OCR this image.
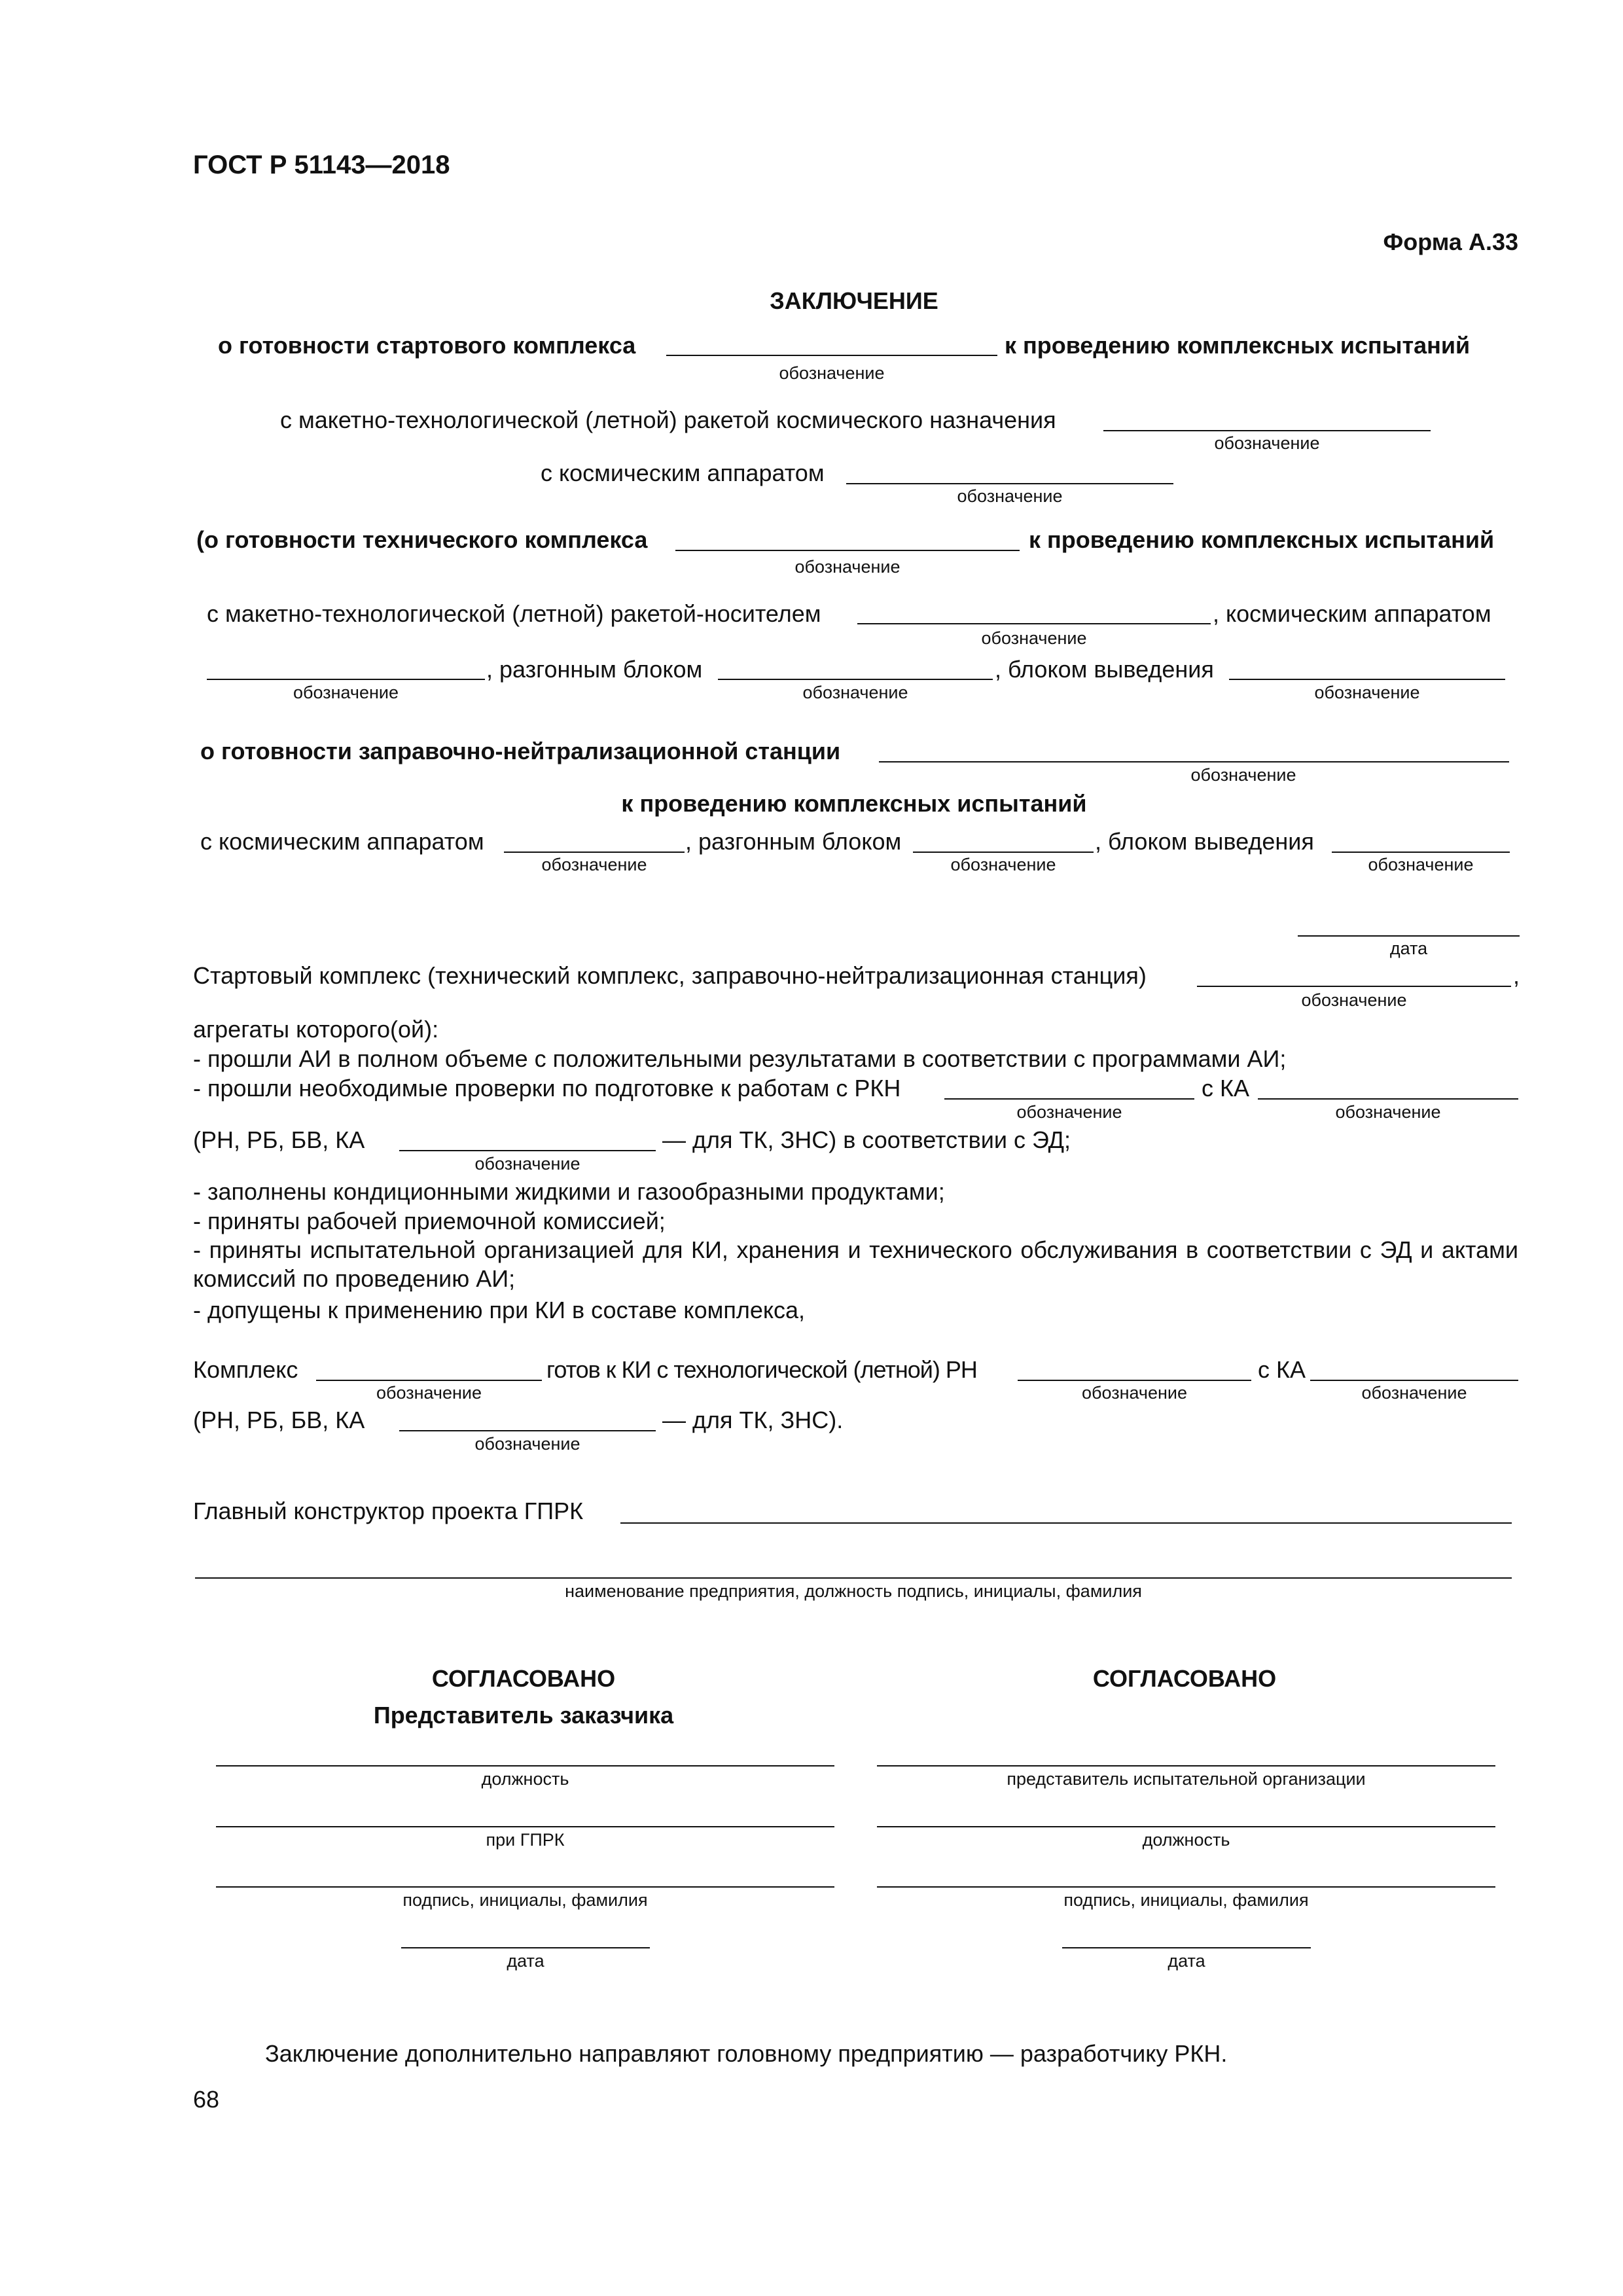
ГОСТ Р 51143—2018
Форма А.33
ЗАКЛЮЧЕНИЕ
о готовности стартового комплекса	к проведению комплексных испытаний
обозначение
с макетно-технологической (летной) ракетой космического назначения
обозначение
с космическим аппаратом
обозначение
(о готовности технического комплекса	к проведению комплексных испытаний
обозначение
с макетно-технологической (летной) ракетой-носителем	, космическим аппаратом
обозначение
, разгонным блоком	, блоком выведения
обозначение	обозначение	обозначение
о готовности заправочно-нейтрализационной станции
обозначение
к проведению комплексных испытаний
с космическим аппаратом	, разгонным блоком	, блоком выведения
обозначение	обозначение	обозначение
дата
Стартовый комплекс (технический комплекс, заправочно-нейтрализационная станция)	,
обозначение
агрегаты которого(ой):
- прошли АИ в полном объеме с положительными результатами в соответствии с программами АИ;
- прошли необходимые проверки по подготовке к работам с РКН	с КА
обозначение	обозначение
(РН, РБ, БВ, КА	— для ТК, ЗНС) в соответствии с ЭД;
обозначение
- заполнены кондиционными жидкими и газообразными продуктами;
- приняты рабочей приемочной комиссией;
- приняты испытательной организацией для КИ, хранения и технического обслуживания в соответствии с ЭД и актами комиссий по проведению АИ;
- допущены к применению при КИ в составе комплекса,
Комплекс	готов к КИ с технологической (летной) РН	с КА
обозначение	обозначение	обозначение
(РН, РБ, БВ, КА	— для ТК, ЗНС).
обозначение
Главный конструктор проекта ГПРК
наименование предприятия, должность подпись, инициалы, фамилия
СОГЛАСОВАНО
Представитель заказчика
должность
при ГПРК
подпись, инициалы, фамилия
дата
СОГЛАСОВАНО
представитель испытательной организации
должность
подпись, инициалы, фамилия
дата
Заключение дополнительно направляют головному предприятию — разработчику РКН.
68
